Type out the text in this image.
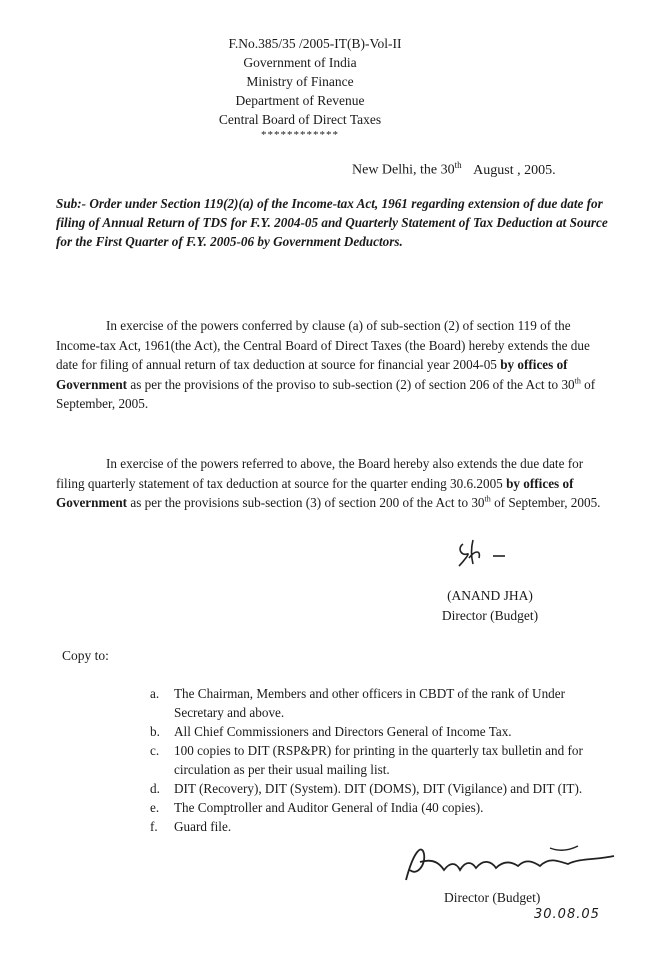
F.No.385/35 /2005-IT(B)-Vol-II
Government of India
Ministry of Finance
Department of Revenue
Central Board of Direct Taxes
************
New Delhi, the 30th August , 2005.
Sub:- Order under Section 119(2)(a) of the Income-tax Act, 1961 regarding extension of due date for filing of Annual Return of TDS for F.Y. 2004-05 and Quarterly Statement of Tax Deduction at Source for the First Quarter of F.Y. 2005-06 by Government Deductors.
In exercise of the powers conferred by clause (a) of sub-section (2) of section 119 of the Income-tax Act, 1961(the Act), the Central Board of Direct Taxes (the Board) hereby extends the due date for filing of annual return of tax deduction at source for financial year 2004-05 by offices of Government as per the provisions of the proviso to sub-section (2) of section 206 of the Act to 30th of September, 2005.
In exercise of the powers referred to above, the Board hereby also extends the due date for filing quarterly statement of tax deduction at source for the quarter ending 30.6.2005 by offices of Government as per the provisions sub-section (3) of section 200 of the Act to 30th of September, 2005.
(ANAND JHA)
Director (Budget)
Copy to:
a. The Chairman, Members and other officers in CBDT of the rank of Under Secretary and above.
b. All Chief Commissioners and Directors General of Income Tax.
c. 100 copies to DIT (RSP&PR) for printing in the quarterly tax bulletin and for circulation as per their usual mailing list.
d. DIT (Recovery), DIT (System). DIT (DOMS), DIT (Vigilance) and DIT (IT).
e. The Comptroller and Auditor General of India (40 copies).
f. Guard file.
Director (Budget)
30.08.05
